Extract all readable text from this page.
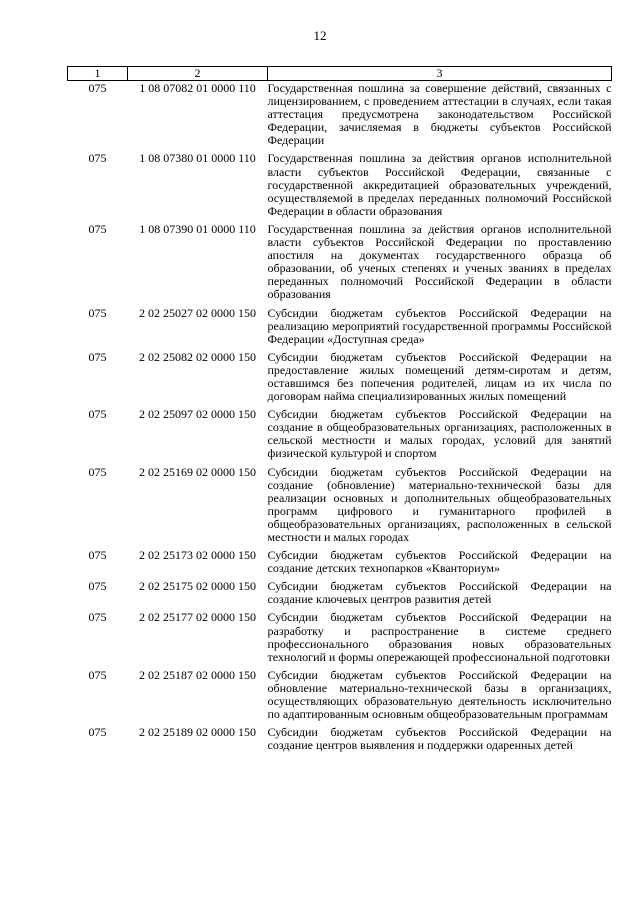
12
1	2	3
075	1 08 07082 01 0000 110	Государственная пошлина за совершение действий, связанных с лицензированием, с проведением аттестации в случаях, если такая аттестация предусмотрена законодательством Российской Федерации, зачисляемая в бюджеты субъектов Российской Федерации
075	1 08 07380 01 0000 110	Государственная пошлина за действия органов исполнительной власти субъектов Российской Федерации, связанные с государственной аккредитацией образовательных учреждений, осуществляемой в пределах переданных полномочий Российской Федерации в области образования
075	1 08 07390 01 0000 110	Государственная пошлина за действия органов исполнительной власти субъектов Российской Федерации по проставлению апостиля на документах государственного образца об образовании, об ученых степенях и ученых званиях в пределах переданных полномочий Российской Федерации в области образования
075	2 02 25027 02 0000 150	Субсидии бюджетам субъектов Российской Федерации на реализацию мероприятий государственной программы Российской Федерации «Доступная среда»
075	2 02 25082 02 0000 150	Субсидии бюджетам субъектов Российской Федерации на предоставление жилых помещений детям-сиротам и детям, оставшимся без попечения родителей, лицам из их числа по договорам найма специализированных жилых помещений
075	2 02 25097 02 0000 150	Субсидии бюджетам субъектов Российской Федерации на создание в общеобразовательных организациях, расположенных в сельской местности и малых городах, условий для занятий физической культурой и спортом
075	2 02 25169 02 0000 150	Субсидии бюджетам субъектов Российской Федерации на создание (обновление) материально-технической базы для реализации основных и дополнительных общеобразовательных программ цифрового и гуманитарного профилей в общеобразовательных организациях, расположенных в сельской местности и малых городах
075	2 02 25173 02 0000 150	Субсидии бюджетам субъектов Российской Федерации на создание детских технопарков «Кванториум»
075	2 02 25175 02 0000 150	Субсидии бюджетам субъектов Российской Федерации на создание ключевых центров развития детей
075	2 02 25177 02 0000 150	Субсидии бюджетам субъектов Российской Федерации на разработку и распространение в системе среднего профессионального образования новых образовательных технологий и формы опережающей профессиональной подготовки
075	2 02 25187 02 0000 150	Субсидии бюджетам субъектов Российской Федерации на обновление материально-технической базы в организациях, осуществляющих образовательную деятельность исключительно по адаптированным основным общеобразовательным программам
075	2 02 25189 02 0000 150	Субсидии бюджетам субъектов Российской Федерации на создание центров выявления и поддержки одаренных детей
